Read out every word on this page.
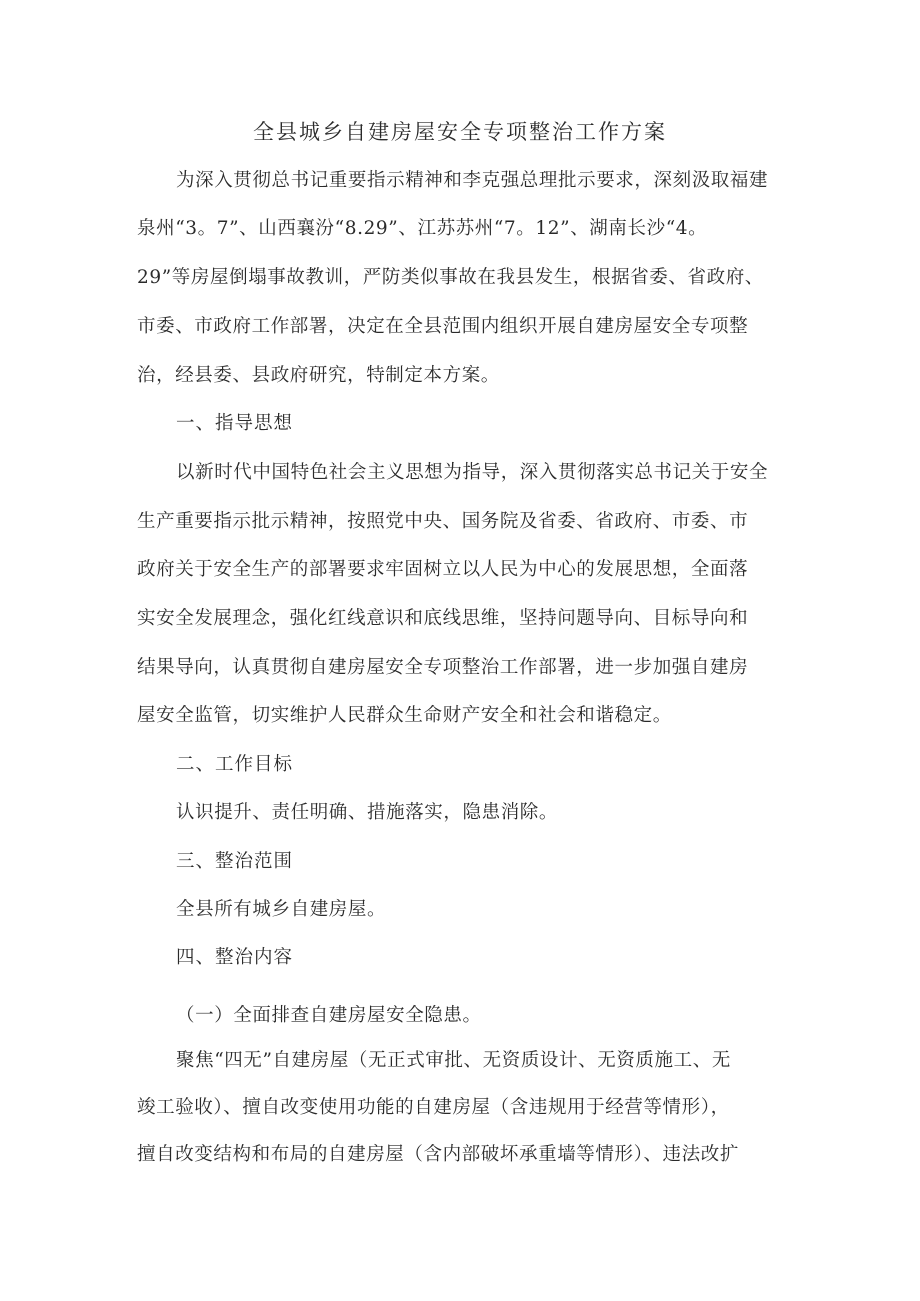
全县城乡自建房屋安全专项整治工作方案
为深入贯彻总书记重要指示精神和李克强总理批示要求，深刻汲取福建
泉州“3。7”、山西襄汾“8.29”、江苏苏州“7。12”、湖南长沙“4。
29”等房屋倒塌事故教训，严防类似事故在我县发生，根据省委、省政府、
市委、市政府工作部署，决定在全县范围内组织开展自建房屋安全专项整
治，经县委、县政府研究，特制定本方案。
一、指导思想
以新时代中国特色社会主义思想为指导，深入贯彻落实总书记关于安全
生产重要指示批示精神，按照党中央、国务院及省委、省政府、市委、市
政府关于安全生产的部署要求牢固树立以人民为中心的发展思想，全面落
实安全发展理念，强化红线意识和底线思维，坚持问题导向、目标导向和
结果导向，认真贯彻自建房屋安全专项整治工作部署，进一步加强自建房
屋安全监管，切实维护人民群众生命财产安全和社会和谐稳定。
二、工作目标
认识提升、责任明确、措施落实，隐患消除。
三、整治范围
全县所有城乡自建房屋。
四、整治内容
（一）全面排查自建房屋安全隐患。
聚焦“四无”自建房屋（无正式审批、无资质设计、无资质施工、无
竣工验收）、擅自改变使用功能的自建房屋（含违规用于经营等情形），
擅自改变结构和布局的自建房屋（含内部破坏承重墙等情形）、违法改扩
